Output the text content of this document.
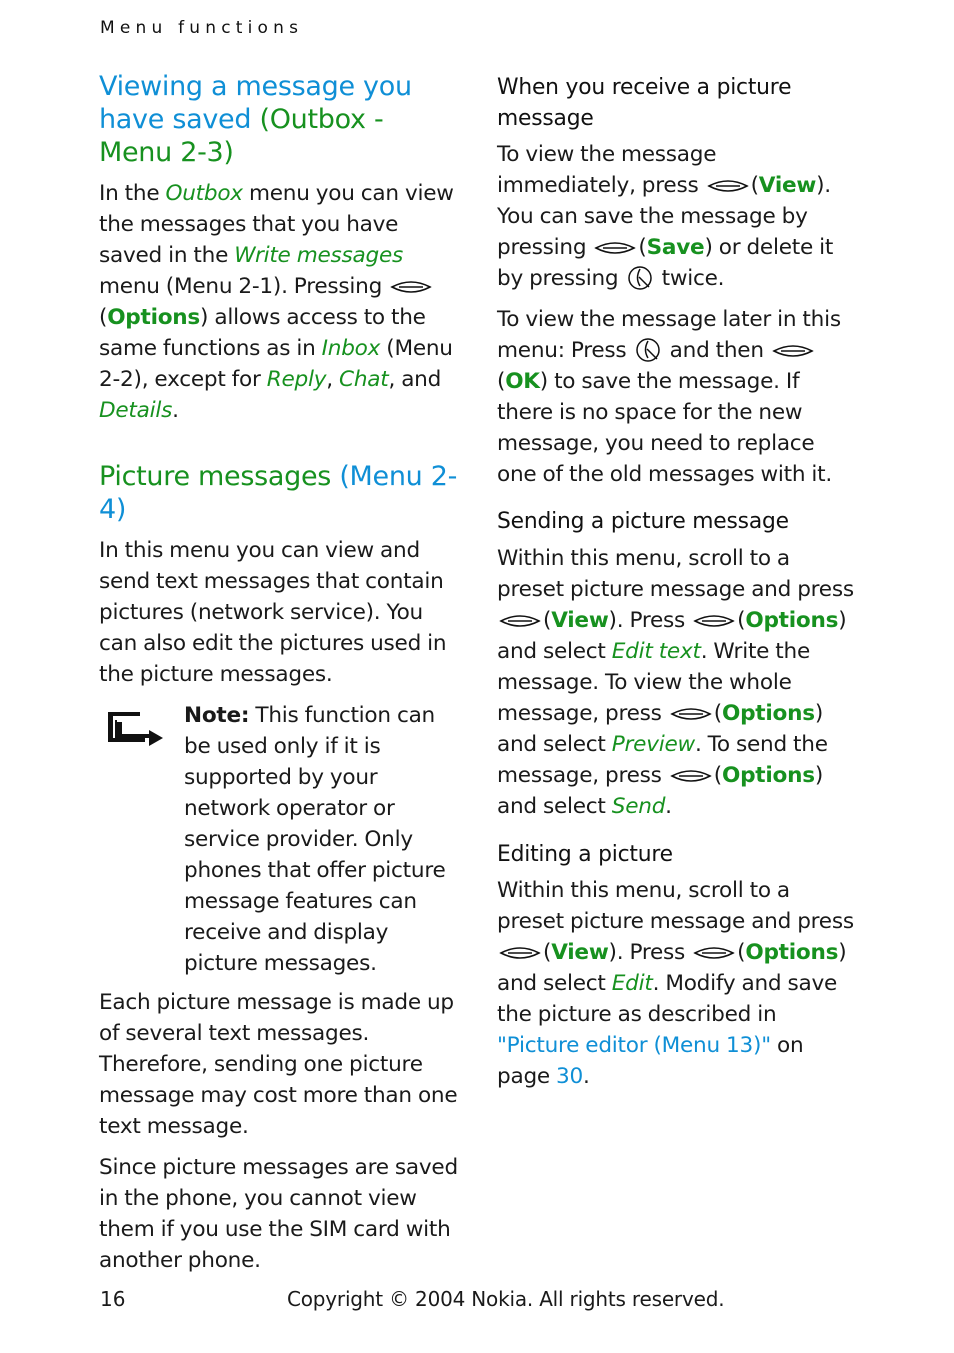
Menu functions
Viewing a message you have saved (Outbox - Menu 2-3)

In the Outbox menu you can view the messages that you have saved in the Write messages menu (Menu 2-1). Pressing
(Options) allows access to the same functions as in Inbox (Menu 2-2), except for Reply, Chat, and Details.

Picture messages (Menu 2-4)

In this menu you can view and send text messages that contain pictures (network service). You can also edit the pictures used in the picture messages.

Note: This function can be used only if it is supported by your network operator or service provider. Only phones that offer picture message features can receive and display picture messages.

Each picture message is made up of several text messages. Therefore, sending one picture message may cost more than one text message.

Since picture messages are saved in the phone, you cannot view them if you use the SIM card with another phone.

When you receive a picture message

To view the message immediately, press
(View). You can save the message by pressing
(Save) or delete it by pressing
twice.

To view the message later in this menu: Press
and then
(OK) to save the message. If there is no space for the new message, you need to replace one of the old messages with it.

Sending a picture message

Within this menu, scroll to a preset picture message and press
(View). Press
(Options) and select Edit text. Write the message. To view the whole message, press
(Options) and select Preview. To send the message, press
(Options) and select Send.

Editing a picture

Within this menu, scroll to a preset picture message and press
(View). Press
(Options) and select Edit. Modify and save the picture as described in "Picture editor (Menu 13)" on page 30.

16	Copyright © 2004 Nokia. All rights reserved.
